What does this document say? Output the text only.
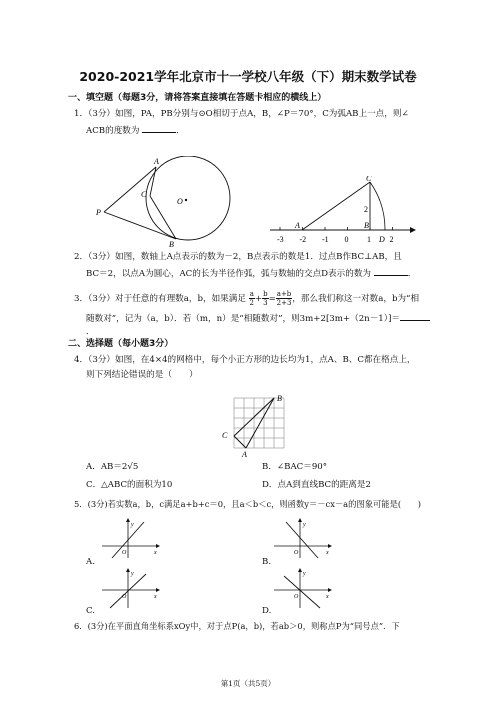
2020-2021学年北京市十一学校八年级（下）期末数学试卷
一、填空题（每题3分，请将答案直接填在答题卡相应的横线上）
1．（3分）如图，PA，PB分别与⊙O相切于点A，B，∠P＝70°，C为弧AB上一点，则∠
ACB的度数为	．
A
C
O
P
B
-3 -2 -1 0 1 2
C
2
A	B
D
2．（3分）如图，数轴上A点表示的数为－2，B点表示的数是1．过点B作BC⊥AB，且
BC＝2，以点A为圆心，AC的长为半径作弧，弧与数轴的交点D表示的数为	．
3．（3分）对于任意的有理数a，b，如果满足 $\frac{a}{2} + \frac{b}{3} = \frac{a+b}{2+3}$ ，那么我们称这一对数a，b为“相
随数对”，记为（a，b）．若（m，n）是“相随数对”，则3m+2[3m+（2n－1）]＝．
二、选择题（每小题3分）
4．（3分）如图，在4×4的网格中，每个小正方形的边长均为1，点A、B、C都在格点上，
则下列结论错误的是（　　）
B
C
A
A．AB＝2√5	B．∠BAC＝90°
C．△ABC的面积为10	D．点A到直线BC的距离是2
5．(3分)若实数a，b，c满足a+b+c＝0，且a＜b＜c，则函数y＝－cx－a的图象可能是(　　)
y
x
O
A.
y
x
O
B.
y
x
O
C.
y
x
O
D.
6．(3分)在平面直角坐标系xOy中，对于点P(a，b)，若ab＞0，则称点P为“同号点”．下
第1页（共5页）
